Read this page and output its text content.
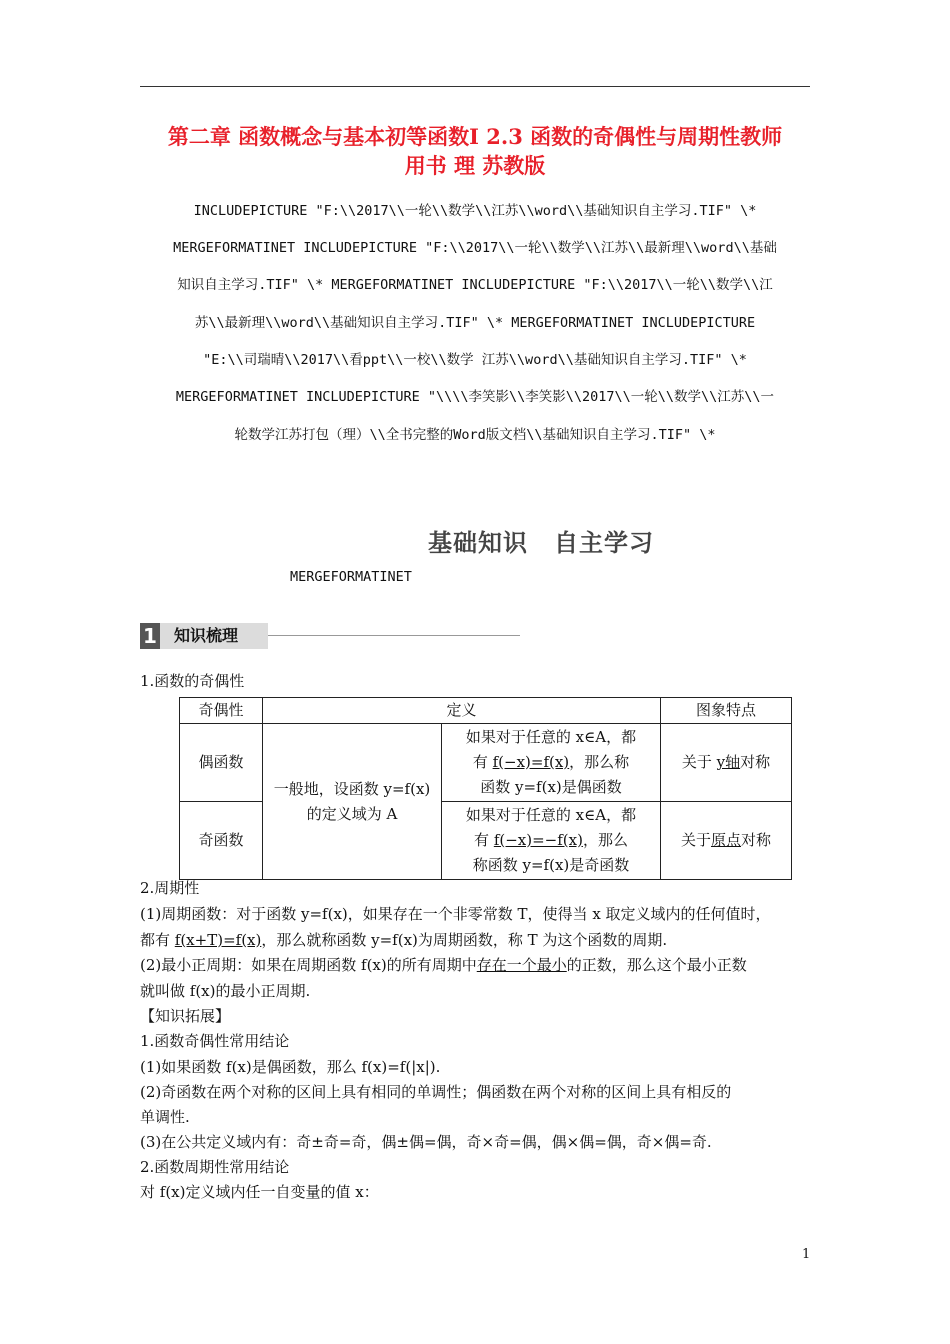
第二章 函数概念与基本初等函数Ⅰ 2.3 函数的奇偶性与周期性教师
用书 理 苏教版
INCLUDEPICTURE "F:\\2017\\一轮\\数学\\江苏\\word\\基础知识自主学习.TIF" \*
MERGEFORMATINET INCLUDEPICTURE "F:\\2017\\一轮\\数学\\江苏\\最新理\\word\\基础
知识自主学习.TIF" \* MERGEFORMATINET INCLUDEPICTURE "F:\\2017\\一轮\\数学\\江
苏\\最新理\\word\\基础知识自主学习.TIF" \* MERGEFORMATINET INCLUDEPICTURE
"E:\\司瑞晴\\2017\\看ppt\\一校\\数学 江苏\\word\\基础知识自主学习.TIF" \*
MERGEFORMATINET INCLUDEPICTURE "\\\\李笑影\\李笑影\\2017\\一轮\\数学\\江苏\\一
轮数学江苏打包（理）\\全书完整的Word版文档\\基础知识自主学习.TIF" \*
基础知识 自主学习
MERGEFORMATINET
1	知识梳理
1.函数的奇偶性
奇偶性	定义		图象特点
偶函数	一般地，设函数 y=f(x)的定义域为 A	如果对于任意的 x∈A，都
有 f(−x)=f(x)，那么称
函数 y=f(x)是偶函数	关于 y轴对称
奇函数		如果对于任意的 x∈A，都
有 f(−x)=−f(x)，那么
称函数 y=f(x)是奇函数	关于原点对称
2.周期性
(1)周期函数：对于函数 y=f(x)，如果存在一个非零常数 T，使得当 x 取定义域内的任何值时，
都有 f(x+T)=f(x)，那么就称函数 y=f(x)为周期函数，称 T 为这个函数的周期.
(2)最小正周期：如果在周期函数 f(x)的所有周期中存在一个最小的正数，那么这个最小正数
就叫做 f(x)的最小正周期.
【知识拓展】
1.函数奇偶性常用结论
(1)如果函数 f(x)是偶函数，那么 f(x)=f(|x|).
(2)奇函数在两个对称的区间上具有相同的单调性；偶函数在两个对称的区间上具有相反的
单调性.
(3)在公共定义域内有：奇±奇=奇，偶±偶=偶，奇×奇=偶，偶×偶=偶，奇×偶=奇.
2.函数周期性常用结论
对 f(x)定义域内任一自变量的值 x：
1
